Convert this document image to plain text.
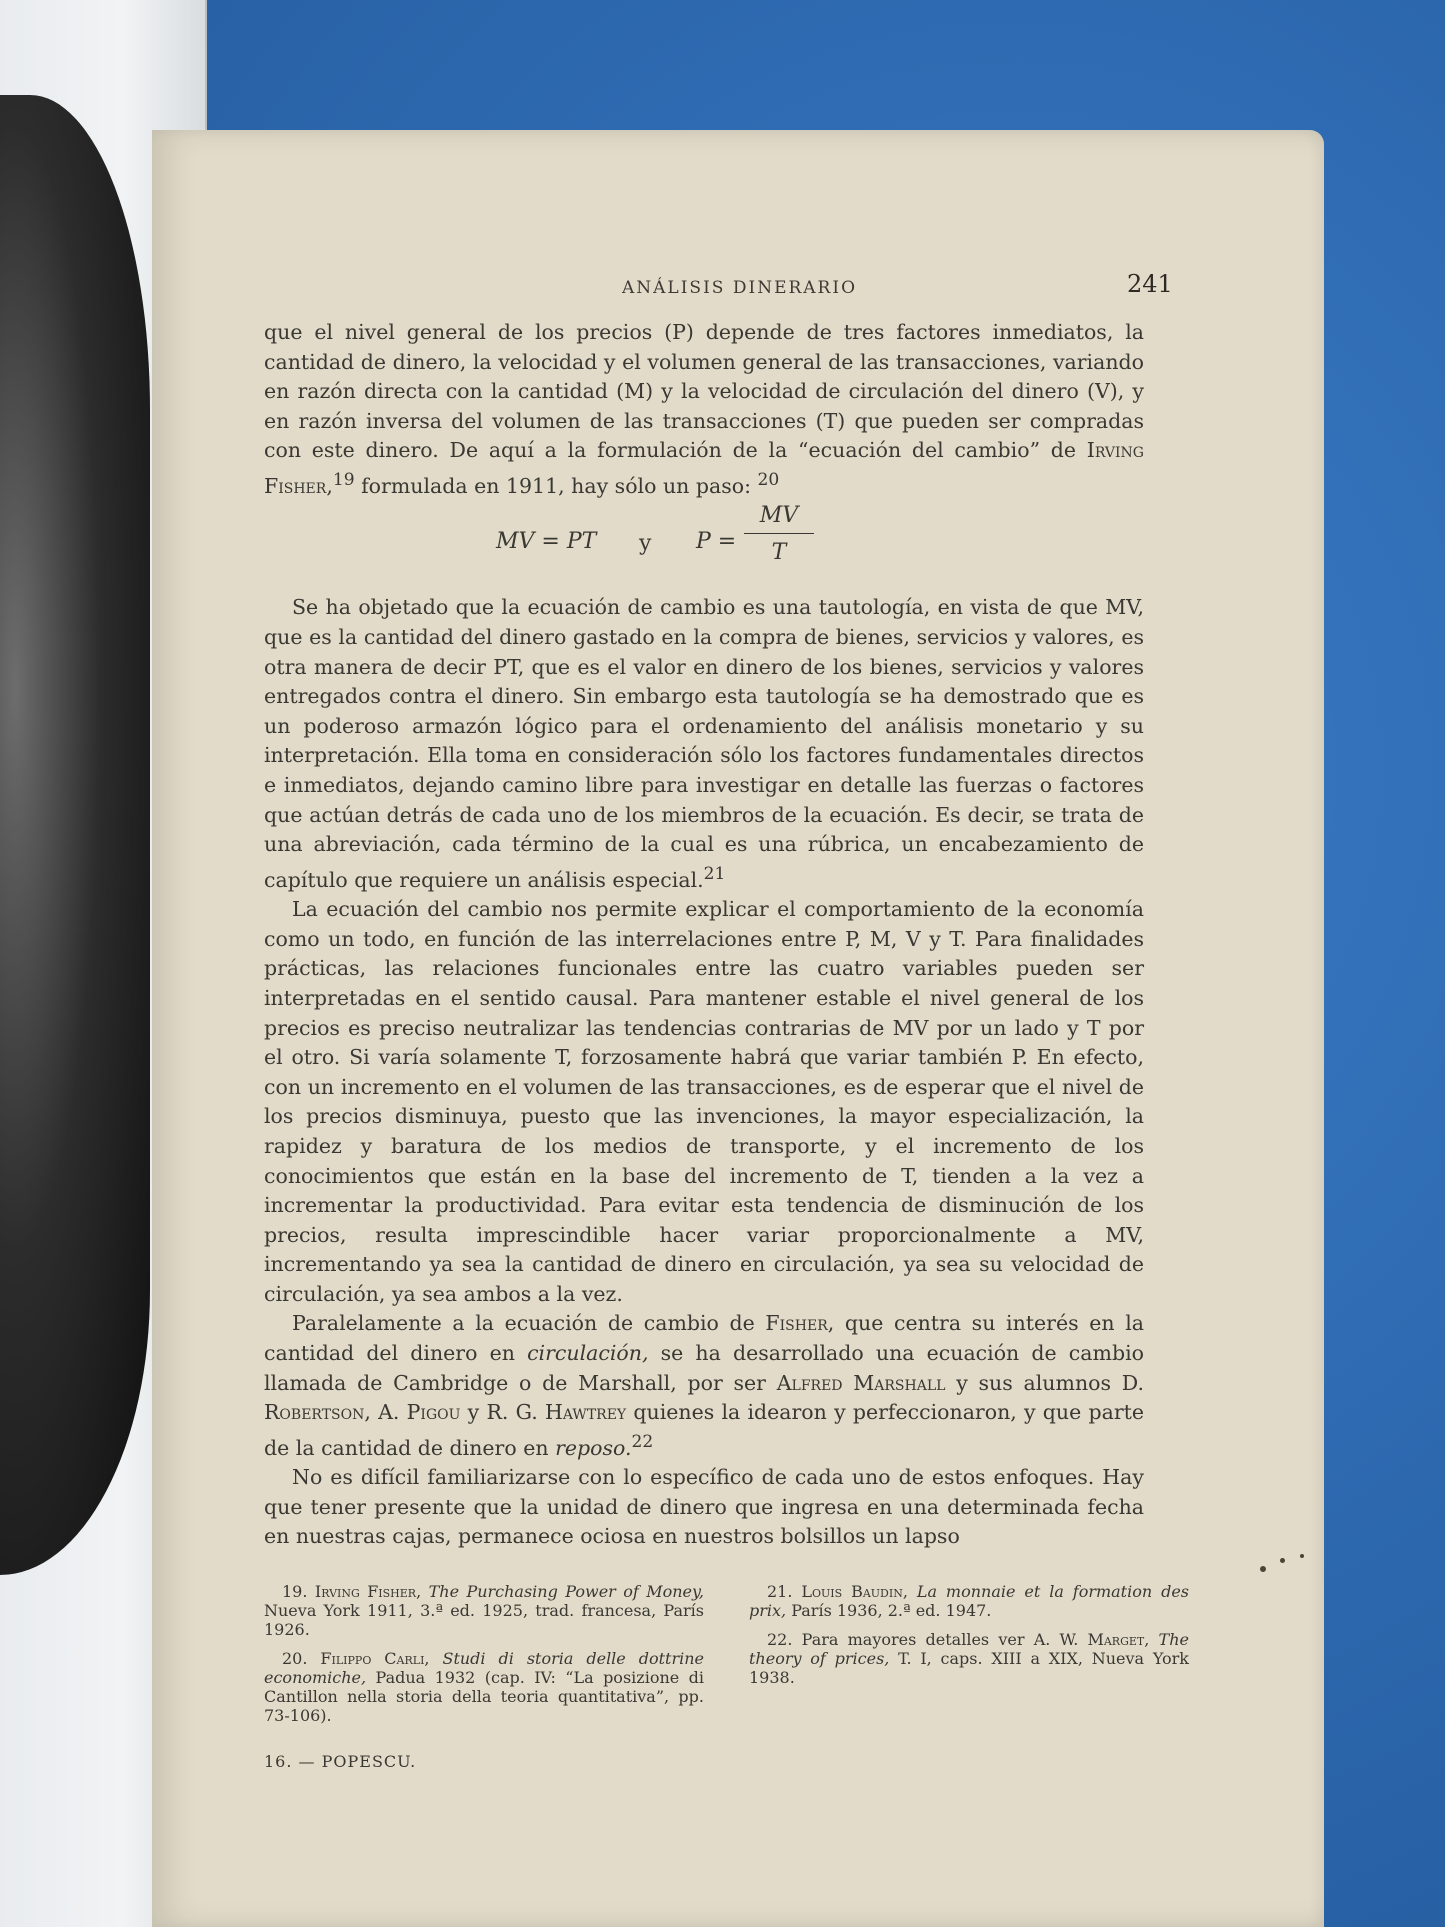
ANÁLISIS DINERARIO	241

que el nivel general de los precios (P) depende de tres factores inmediatos, la cantidad de dinero, la velocidad y el volumen general de las transacciones, variando en razón directa con la cantidad (M) y la velocidad de circulación del dinero (V), y en razón inversa del volumen de las transacciones (T) que pueden ser compradas con este dinero. De aquí a la formulación de la “ecuación del cambio” de Irving Fisher,$^{19}$ formulada en 1911, hay sólo un paso: $^{20}$

MV = PT y $P = \frac{MV}{T}$

Se ha objetado que la ecuación de cambio es una tautología, en vista de que MV, que es la cantidad del dinero gastado en la compra de bienes, servicios y valores, es otra manera de decir PT, que es el valor en dinero de los bienes, servicios y valores entregados contra el dinero. Sin embargo esta tautología se ha demostrado que es un poderoso armazón lógico para el ordenamiento del análisis monetario y su interpretación. Ella toma en consideración sólo los factores fundamentales directos e inmediatos, dejando camino libre para investigar en detalle las fuerzas o factores que actúan detrás de cada uno de los miembros de la ecuación. Es decir, se trata de una abreviación, cada término de la cual es una rúbrica, un encabezamiento de capítulo que requiere un análisis especial.$^{21}$

La ecuación del cambio nos permite explicar el comportamiento de la economía como un todo, en función de las interrelaciones entre P, M, V y T. Para finalidades prácticas, las relaciones funcionales entre las cuatro variables pueden ser interpretadas en el sentido causal. Para mantener estable el nivel general de los precios es preciso neutralizar las tendencias contrarias de MV por un lado y T por el otro. Si varía solamente T, forzosamente habrá que variar también P. En efecto, con un incremento en el volumen de las transacciones, es de esperar que el nivel de los precios disminuya, puesto que las invenciones, la mayor especialización, la rapidez y baratura de los medios de transporte, y el incremento de los conocimientos que están en la base del incremento de T, tienden a la vez a incrementar la productividad. Para evitar esta tendencia de disminución de los precios, resulta imprescindible hacer variar proporcionalmente a MV, incrementando ya sea la cantidad de dinero en circulación, ya sea su velocidad de circulación, ya sea ambos a la vez.

Paralelamente a la ecuación de cambio de Fisher, que centra su interés en la cantidad del dinero en circulación, se ha desarrollado una ecuación de cambio llamada de Cambridge o de Marshall, por ser Alfred Marshall y sus alumnos D. Robertson, A. Pigou y R. G. Hawtrey quienes la idearon y perfeccionaron, y que parte de la cantidad de dinero en reposo.$^{22}$

No es difícil familiarizarse con lo específico de cada uno de estos enfoques. Hay que tener presente que la unidad de dinero que ingresa en una determinada fecha en nuestras cajas, permanece ociosa en nuestros bolsillos un lapso

19. Irving Fisher, The Purchasing Power of Money, Nueva York 1911, 3.ª ed. 1925, trad. francesa, París 1926.

20. Filippo Carli, Studi di storia delle dottrine economiche, Padua 1932 (cap. IV: “La posizione di Cantillon nella storia della teoria quantitativa”, pp. 73-106).

21. Louis Baudin, La monnaie et la formation des prix, París 1936, 2.ª ed. 1947.

22. Para mayores detalles ver A. W. Marget, The theory of prices, T. I, caps. XIII a XIX, Nueva York 1938.

16. — POPESCU.
